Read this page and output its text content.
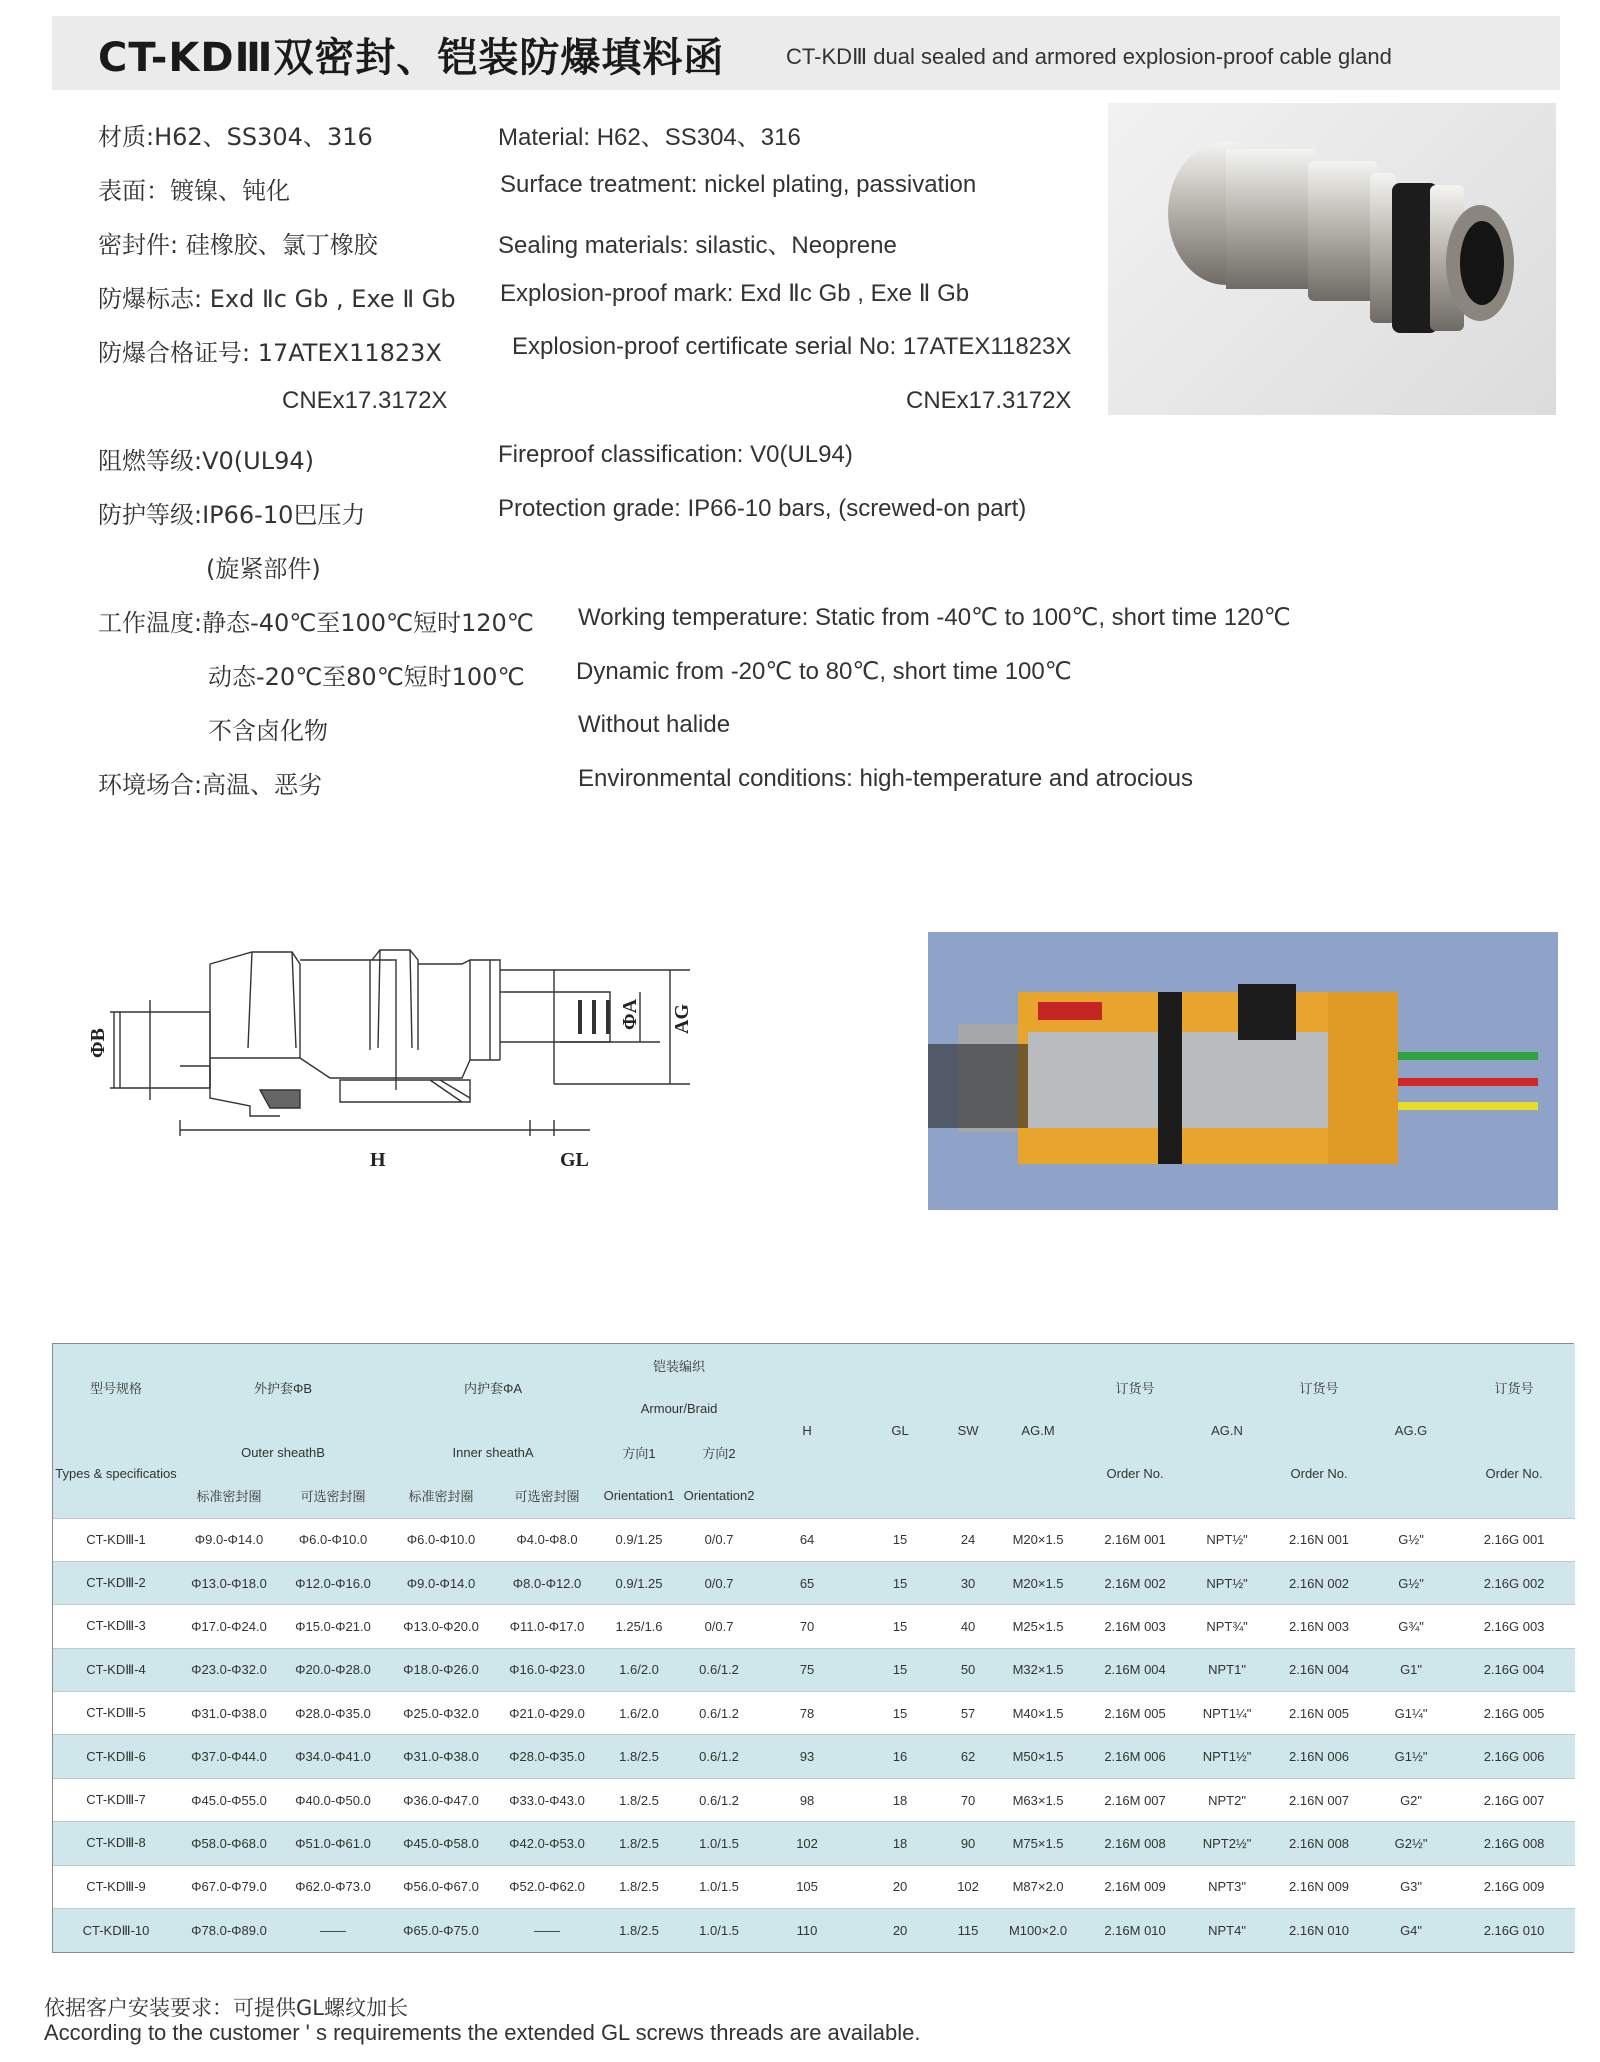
CT-KDⅢ双密封、铠装防爆填料函	CT-KDⅢ dual sealed and armored explosion-proof cable gland
材质:H62、SS304、316	Material: H62、SS304、316
表面：镀镍、钝化	Surface treatment: nickel plating, passivation
密封件: 硅橡胶、氯丁橡胶	Sealing materials: silastic、Neoprene
防爆标志: Exd Ⅱc Gb , Exe Ⅱ Gb Explosion-proof mark: Exd Ⅱc Gb , Exe Ⅱ Gb
防爆合格证号: 17ATEX11823X	Explosion-proof certificate serial No: 17ATEX11823X
CNEx17.3172X	CNEx17.3172X
阻燃等级:V0(UL94)	Fireproof classification: V0(UL94)
防护等级:IP66-10巴压力	Protection grade: IP66-10 bars, (screwed-on part)
(旋紧部件)
工作温度:静态-40℃至100℃短时120℃ Working temperature: Static from -40℃ to 100℃, short time 120℃
动态-20℃至80℃短时100℃ Dynamic from -20℃ to 80℃, short time 100℃
不含卤化物	Without halide
环境场合:高温、恶劣	Environmental conditions: high-temperature and atrocious
ΦB
ΦA AG
H	GL
型号规格	外护套ΦB		内护套ΦA		铠装编织		H	GL	SW	AG.M	订货号	AG.N	订货号	AG.G	订货号
					Armour/Braid										
Types & specificatios	Outer sheathB		Inner sheathA		方向1	方向2					Order No.		Order No.		Order No.
	标准密封圈	可选密封圈	标准密封圈	可选密封圈	Orientation1	Orientation2									
CT-KDⅢ-1	Φ9.0-Φ14.0	Φ6.0-Φ10.0	Φ6.0-Φ10.0	Φ4.0-Φ8.0	0.9/1.25	0/0.7	64	15	24	M20×1.5	2.16M 001	NPT½"	2.16N 001	G½"	2.16G 001
CT-KDⅢ-2	Φ13.0-Φ18.0	Φ12.0-Φ16.0	Φ9.0-Φ14.0	Φ8.0-Φ12.0	0.9/1.25	0/0.7	65	15	30	M20×1.5	2.16M 002	NPT½"	2.16N 002	G½"	2.16G 002
CT-KDⅢ-3	Φ17.0-Φ24.0	Φ15.0-Φ21.0	Φ13.0-Φ20.0	Φ11.0-Φ17.0	1.25/1.6	0/0.7	70	15	40	M25×1.5	2.16M 003	NPT¾"	2.16N 003	G¾"	2.16G 003
CT-KDⅢ-4	Φ23.0-Φ32.0	Φ20.0-Φ28.0	Φ18.0-Φ26.0	Φ16.0-Φ23.0	1.6/2.0	0.6/1.2	75	15	50	M32×1.5	2.16M 004	NPT1"	2.16N 004	G1"	2.16G 004
CT-KDⅢ-5	Φ31.0-Φ38.0	Φ28.0-Φ35.0	Φ25.0-Φ32.0	Φ21.0-Φ29.0	1.6/2.0	0.6/1.2	78	15	57	M40×1.5	2.16M 005	NPT1¼"	2.16N 005	G1¼"	2.16G 005
CT-KDⅢ-6	Φ37.0-Φ44.0	Φ34.0-Φ41.0	Φ31.0-Φ38.0	Φ28.0-Φ35.0	1.8/2.5	0.6/1.2	93	16	62	M50×1.5	2.16M 006	NPT1½"	2.16N 006	G1½"	2.16G 006
CT-KDⅢ-7	Φ45.0-Φ55.0	Φ40.0-Φ50.0	Φ36.0-Φ47.0	Φ33.0-Φ43.0	1.8/2.5	0.6/1.2	98	18	70	M63×1.5	2.16M 007	NPT2"	2.16N 007	G2"	2.16G 007
CT-KDⅢ-8	Φ58.0-Φ68.0	Φ51.0-Φ61.0	Φ45.0-Φ58.0	Φ42.0-Φ53.0	1.8/2.5	1.0/1.5	102	18	90	M75×1.5	2.16M 008	NPT2½"	2.16N 008	G2½"	2.16G 008
CT-KDⅢ-9	Φ67.0-Φ79.0	Φ62.0-Φ73.0	Φ56.0-Φ67.0	Φ52.0-Φ62.0	1.8/2.5	1.0/1.5	105	20	102	M87×2.0	2.16M 009	NPT3"	2.16N 009	G3"	2.16G 009
CT-KDⅢ-10	Φ78.0-Φ89.0	——	Φ65.0-Φ75.0	——	1.8/2.5	1.0/1.5	110	20	115	M100×2.0	2.16M 010	NPT4"	2.16N 010	G4"	2.16G 010
依据客户安装要求：可提供GL螺纹加长
According to the customer ' s requirements the extended GL screws threads are available.
